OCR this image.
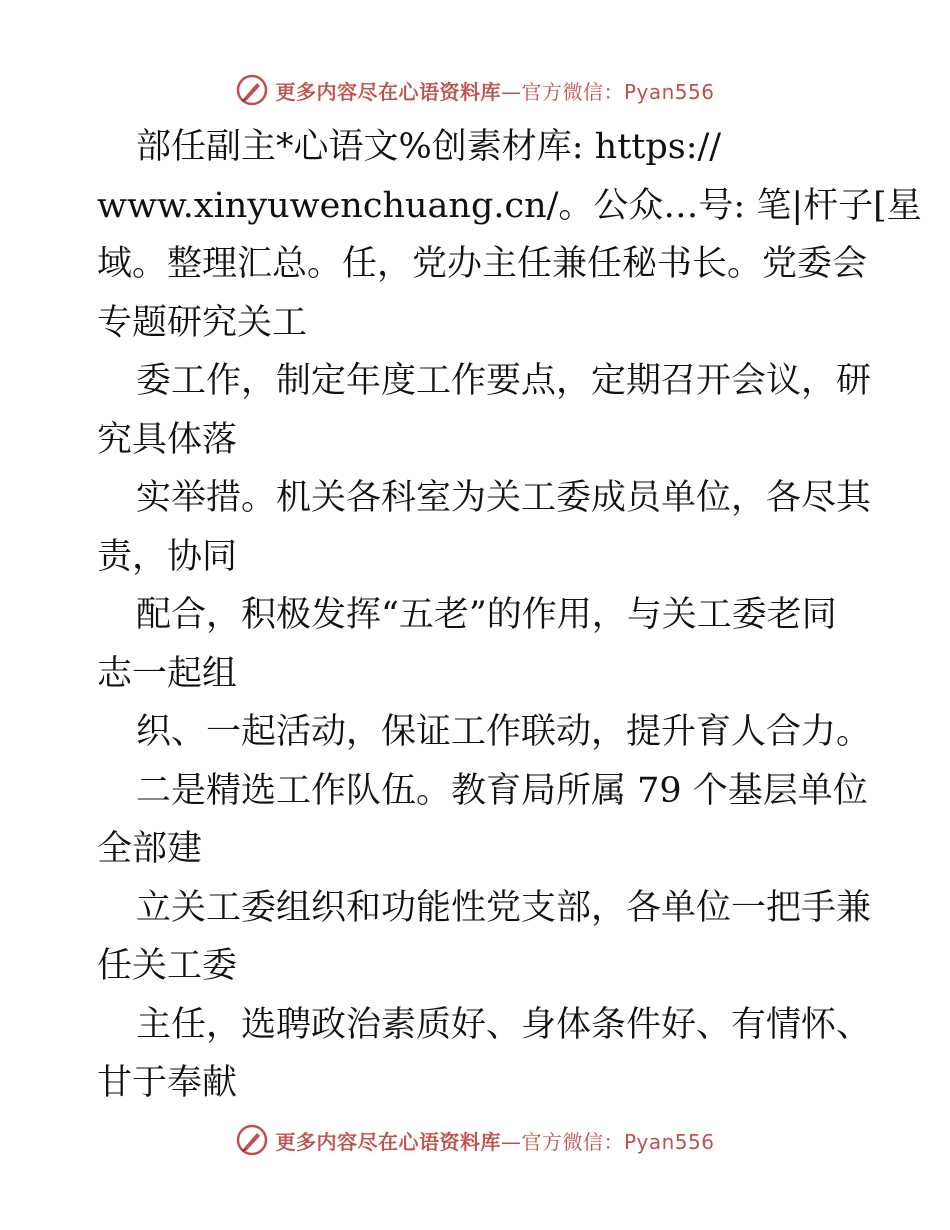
更多内容尽在心语资料库—官方微信：Pyan556
部任副主*心语文%创素材库: https://
www.xinyuwenchuang.cn/。公众…号: 笔|杆子[星
域。整理汇总。任，党办主任兼任秘书长。党委会
专题研究关工
委工作，制定年度工作要点，定期召开会议，研
究具体落
实举措。机关各科室为关工委成员单位，各尽其
责，协同
配合，积极发挥“五老”的作用，与关工委老同
志一起组
织、一起活动，保证工作联动，提升育人合力。
二是精选工作队伍。教育局所属 79 个基层单位
全部建
立关工委组织和功能性党支部，各单位一把手兼
任关工委
主任，选聘政治素质好、身体条件好、有情怀、
甘于奉献
更多内容尽在心语资料库—官方微信：Pyan556
